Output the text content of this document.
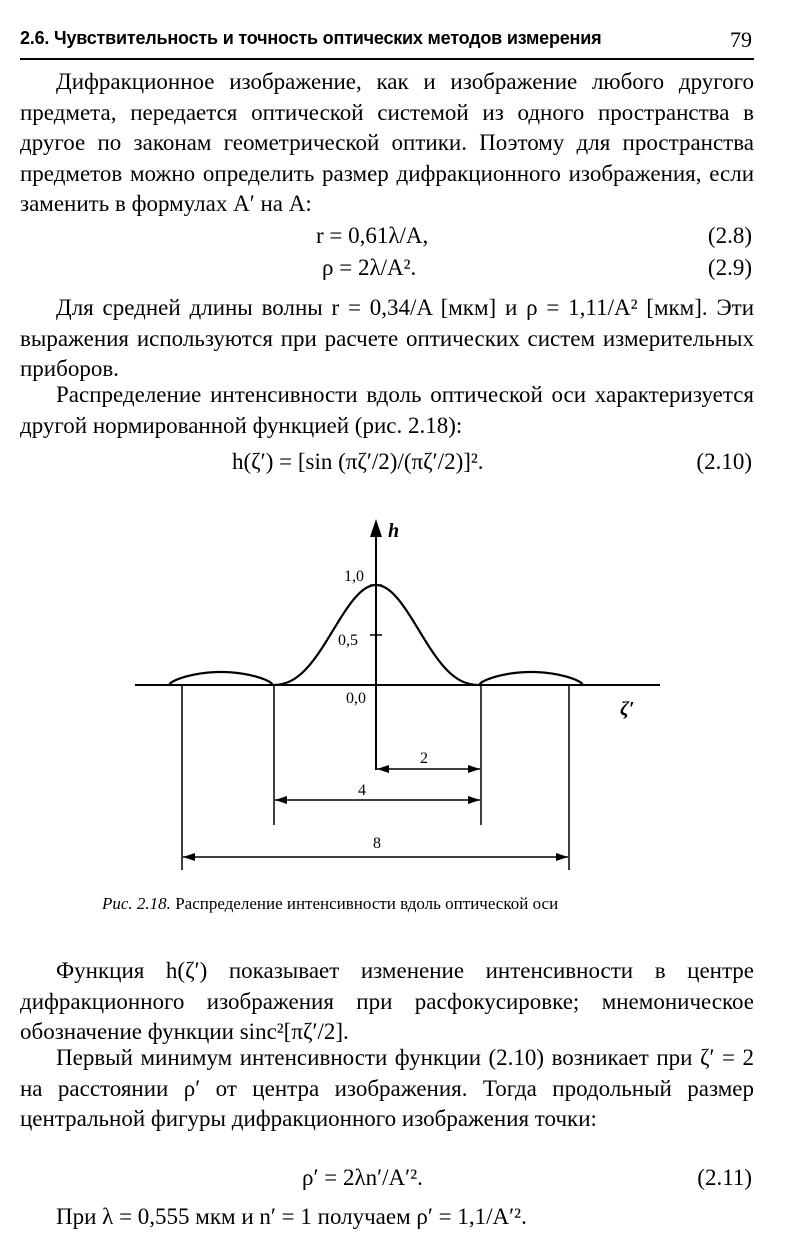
2.6. Чувствительность и точность оптических методов измерения	79

Дифракционное изображение, как и изображение любого другого предмета, передается оптической системой из одного пространства в другое по законам геометрической оптики. Поэтому для пространства предметов можно определить размер дифракционного изображения, если заменить в формулах A′ на A:

r = 0,61λ/A,	(2.8)
ρ = 2λ/A².	(2.9)

Для средней длины волны r = 0,34/A [мкм] и ρ = 1,11/A² [мкм]. Эти выражения используются при расчете оптических систем измерительных приборов.

Распределение интенсивности вдоль оптической оси характеризуется другой нормированной функцией (рис. 2.18):

h(ζ′) = [sin (πζ′/2)/(πζ′/2)]².	(2.10)
h
1,0
0,5
0,0	ζ′
2
4
8
Рис. 2.18. Распределение интенсивности вдоль оптической оси

Функция h(ζ′) показывает изменение интенсивности в центре дифракционного изображения при расфокусировке; мнемоническое обозначение функции sinc²[πζ′/2].

Первый минимум интенсивности функции (2.10) возникает при ζ′ = 2 на расстоянии ρ′ от центра изображения. Тогда продольный размер центральной фигуры дифракционного изображения точки:

ρ′ = 2λn′/A′².	(2.11)

При λ = 0,555 мкм и n′ = 1 получаем ρ′ = 1,1/A′².
